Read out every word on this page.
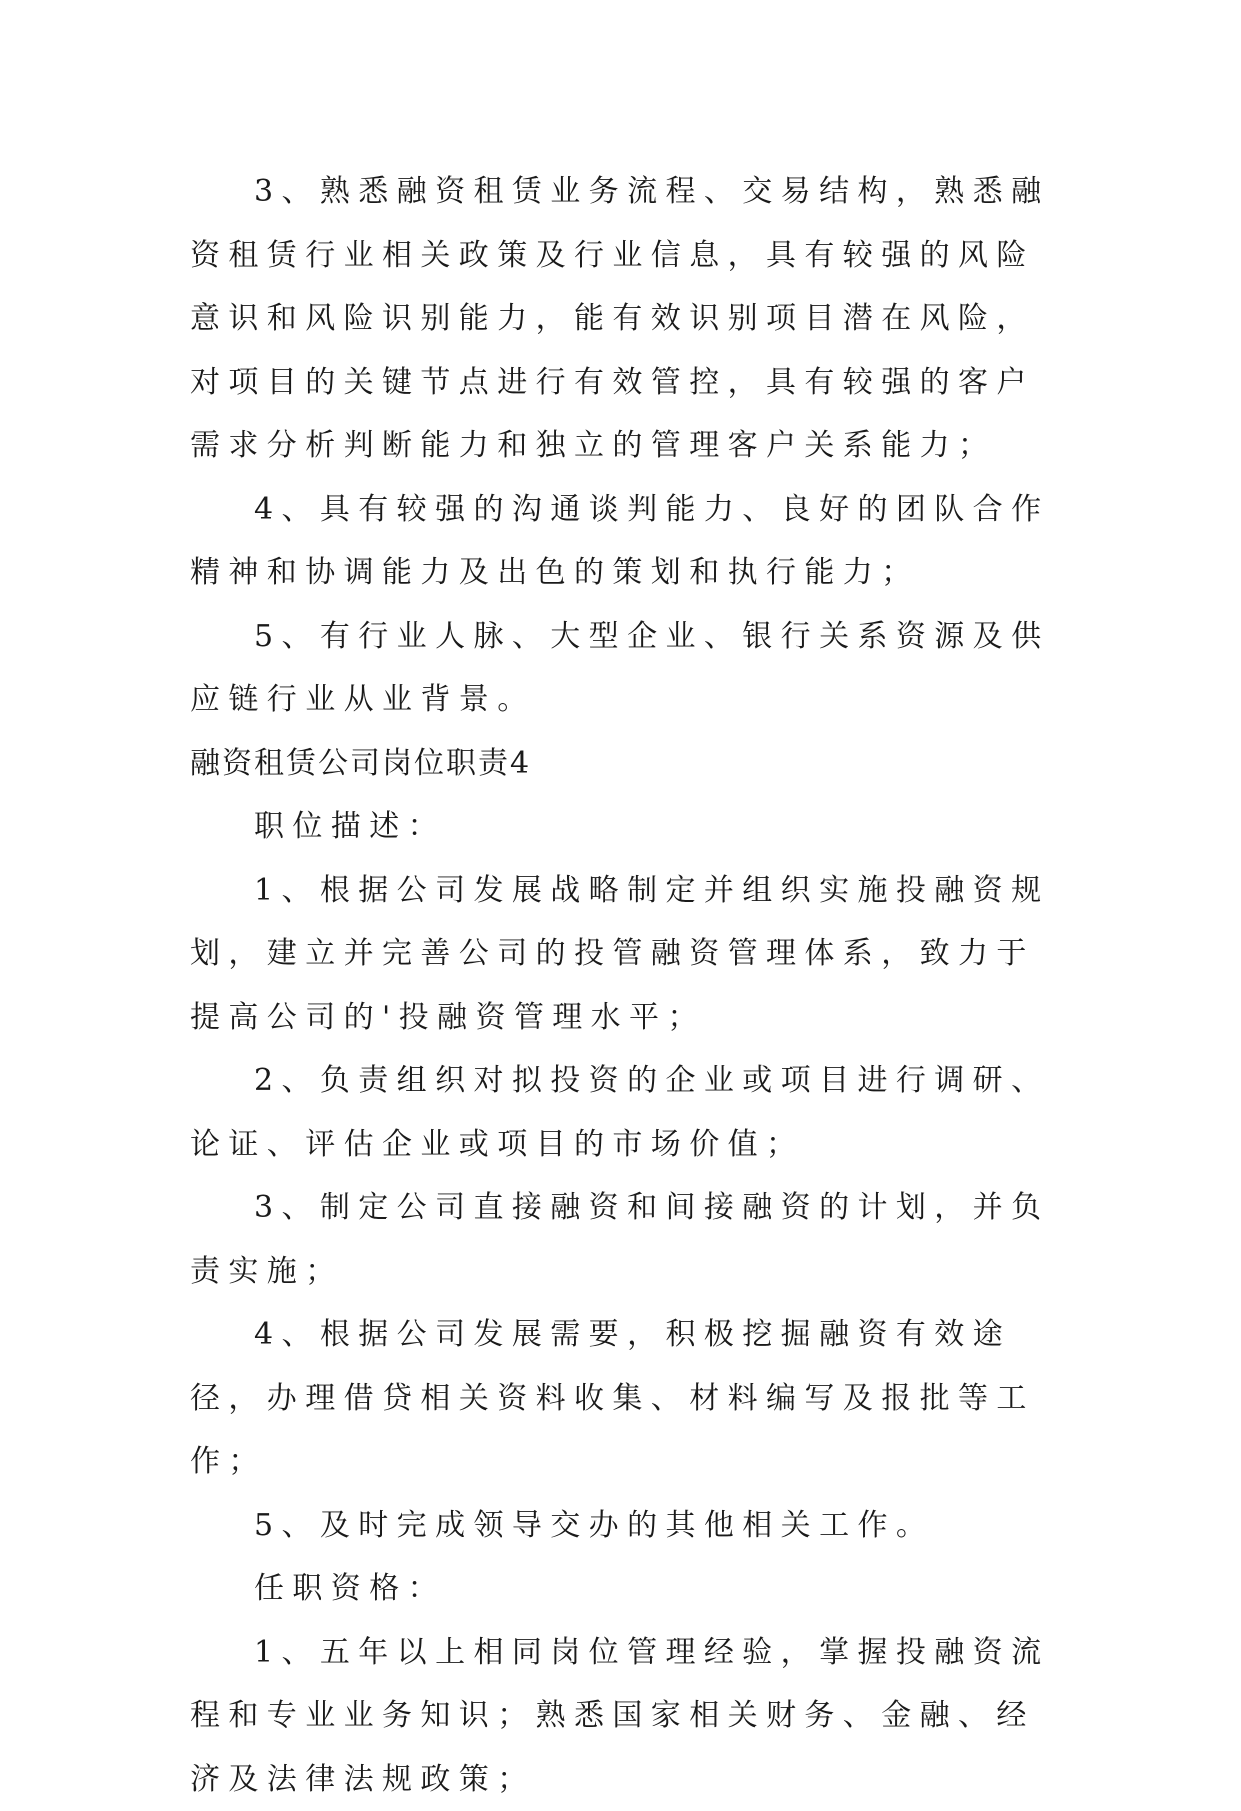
3、熟悉融资租赁业务流程、交易结构，熟悉融资租赁行业相关政策及行业信息，具有较强的风险意识和风险识别能力，能有效识别项目潜在风险，对项目的关键节点进行有效管控，具有较强的客户需求分析判断能力和独立的管理客户关系能力；

4、具有较强的沟通谈判能力、良好的团队合作精神和协调能力及出色的策划和执行能力；

5、有行业人脉、大型企业、银行关系资源及供应链行业从业背景。

融资租赁公司岗位职责4

职位描述：

1、根据公司发展战略制定并组织实施投融资规划，建立并完善公司的投管融资管理体系，致力于提高公司的'投融资管理水平；

2、负责组织对拟投资的企业或项目进行调研、论证、评估企业或项目的市场价值；

3、制定公司直接融资和间接融资的计划，并负责实施；

4、根据公司发展需要，积极挖掘融资有效途径，办理借贷相关资料收集、材料编写及报批等工作；

5、及时完成领导交办的其他相关工作。

任职资格：

1、五年以上相同岗位管理经验，掌握投融资流程和专业业务知识；熟悉国家相关财务、金融、经济及法律法规政策；
